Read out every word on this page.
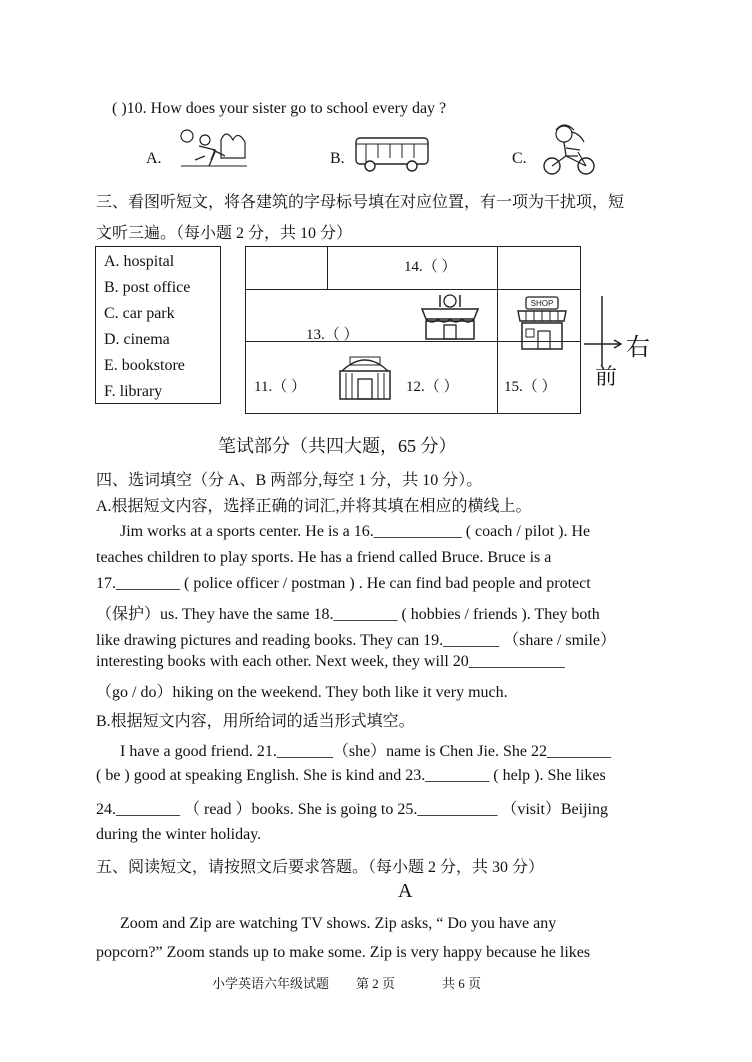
( )10. How does your sister go to school every day ?
A.	B.	C.
三、看图听短文，将各建筑的字母标号填在对应位置，有一项为干扰项，短
文听三遍。（每小题 2 分，共 10 分）
A. hospital
B. post office
C. car park
D. cinema
E. bookstore
F. library
14.（ ）
13.（ ）
11.（ ）	12.（ ）	15.（ ）
SHOP
右
前
笔试部分（共四大题，65 分）
四、选词填空（分 A、B 两部分,每空 1 分，共 10 分）。
A.根据短文内容，选择正确的词汇,并将其填在相应的横线上。
Jim works at a sports center. He is a 16.___________ ( coach / pilot ). He
teaches children to play sports. He has a friend called Bruce. Bruce is a
17.________ ( police officer / postman ) . He can find bad people and protect
（保护）us. They have the same 18.________ ( hobbies / friends ). They both
like drawing pictures and reading books. They can 19._______ （share / smile）
interesting books with each other. Next week, they will 20____________
（go / do）hiking on the weekend. They both like it very much.
B.根据短文内容，用所给词的适当形式填空。
I have a good friend. 21._______（she）name is Chen Jie. She 22________
( be ) good at speaking English. She is kind and 23.________ ( help ). She likes
24.________ （ read ）books. She is going to 25.__________ （visit）Beijing
during the winter holiday.
五、阅读短文，请按照文后要求答题。（每小题 2 分，共 30 分）
A
Zoom and Zip are watching TV shows. Zip asks, “ Do you have any
popcorn?” Zoom stands up to make some. Zip is very happy because he likes
小学英语六年级试题 第 2 页	共 6 页
